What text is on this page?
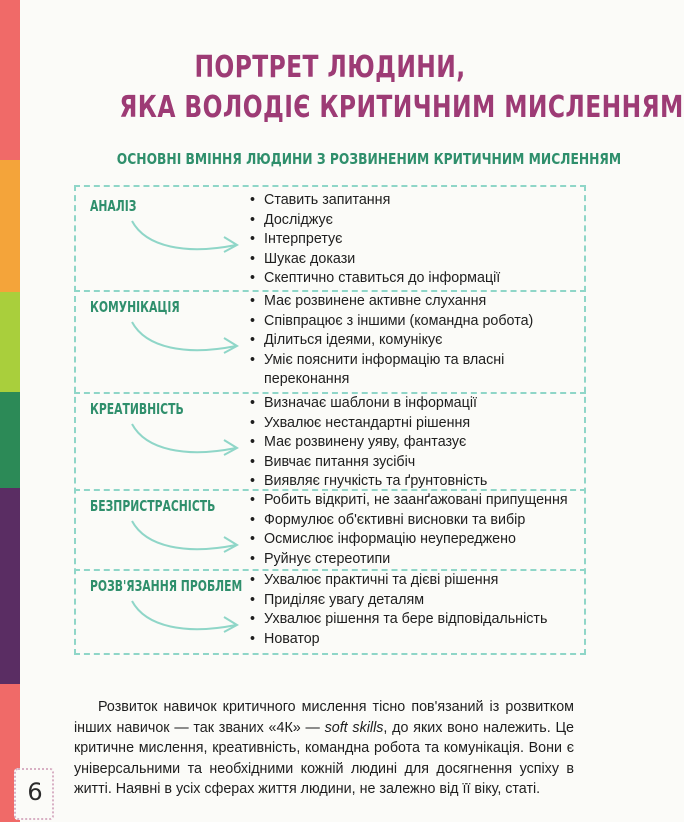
ПОРТРЕТ ЛЮДИНИ,
ЯКА ВОЛОДІЄ КРИТИЧНИМ МИСЛЕННЯМ
ОСНОВНІ ВМІННЯ ЛЮДИНИ З РОЗВИНЕНИМ КРИТИЧНИМ МИСЛЕННЯМ
АНАЛІЗ	• Ставить запитання
• Досліджує
• Інтерпретує
• Шукає докази
• Скептично ставиться до інформації
КОМУНІКАЦІЯ	• Має розвинене активне слухання
• Співпрацює з іншими (командна робота)
• Ділиться ідеями, комунікує
• Уміє пояснити інформацію та власні переконання
КРЕАТИВНІСТЬ	• Визначає шаблони в інформації
• Ухвалює нестандартні рішення
• Має розвинену уяву, фантазує
• Вивчає питання зусібіч
• Виявляє гнучкість та ґрунтовність
БЕЗПРИСТРАСНІСТЬ	• Робить відкриті, не заанґажовані припущення
• Формулює об'єктивні висновки та вибір
• Осмислює інформацію неупереджено
• Руйнує стереотипи
РОЗВ'ЯЗАННЯ ПРОБЛЕМ	• Ухвалює практичні та дієві рішення
• Приділяє увагу деталям
• Ухвалює рішення та бере відповідальність
• Новатор

Розвиток навичок критичного мислення тісно пов'язаний із розвитком інших навичок — так званих «4К» — soft skills, до яких воно належить. Це критичне мислення, креативність, командна робота та комунікація. Вони є універсальними та необхідними кожній людині для досягнення успіху в житті. Наявні в усіх сферах життя людини, не залежно від її віку, статі.

6
